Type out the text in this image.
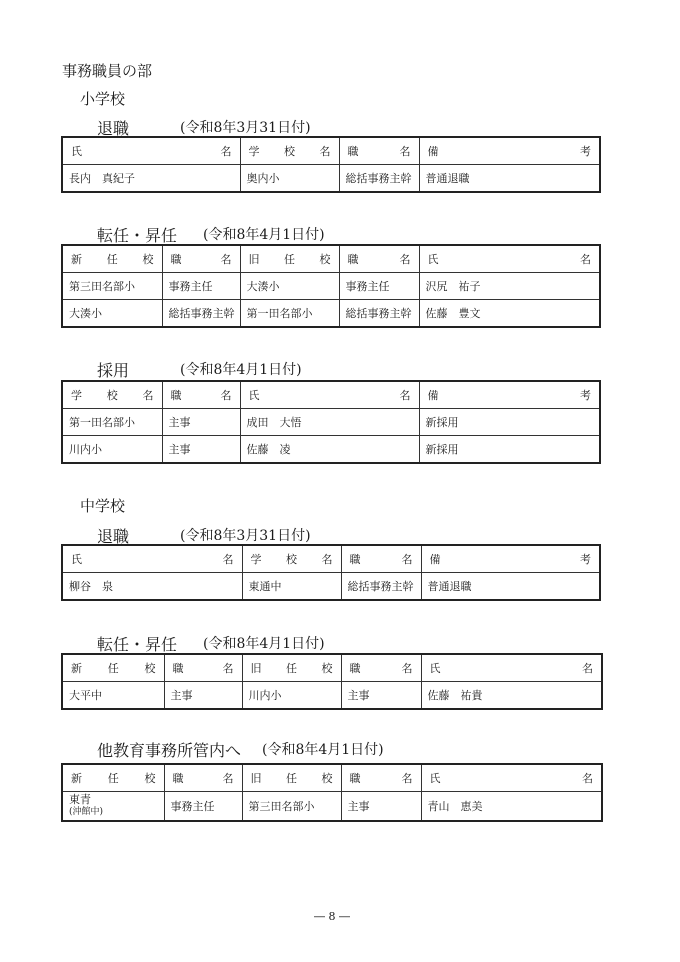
事務職員の部
小学校
退職	(令和8年3月31日付)
氏 名	学 校 名	職 名	備 考

長内　真紀子	奥内小	総括事務主幹	普通退職
転任・昇任 (令和8年4月1日付)
新 任 校	職 名	旧 任 校	職 名	氏 名

第三田名部小	事務主任	大湊小	事務主任	沢尻　祐子
大湊小	総括事務主幹	第一田名部小	総括事務主幹	佐藤　豊文
採用	(令和8年4月1日付)
学 校 名	職 名	氏 名	備 考

第一田名部小	主事	成田　大悟	新採用
川内小	主事	佐藤　凌	新採用
中学校
退職	(令和8年3月31日付)
氏 名	学 校 名	職 名	備 考

柳谷　泉	東通中	総括事務主幹	普通退職
転任・昇任 (令和8年4月1日付)
新 任 校	職 名	旧 任 校	職 名	氏 名

大平中	主事	川内小	主事	佐藤　祐貴
他教育事務所管内へ (令和8年4月1日付)
新 任 校	職 名	旧 任 校	職 名	氏 名

東青
(沖館中)	事務主任	第三田名部小	主事	青山　恵美
― 8 ―
